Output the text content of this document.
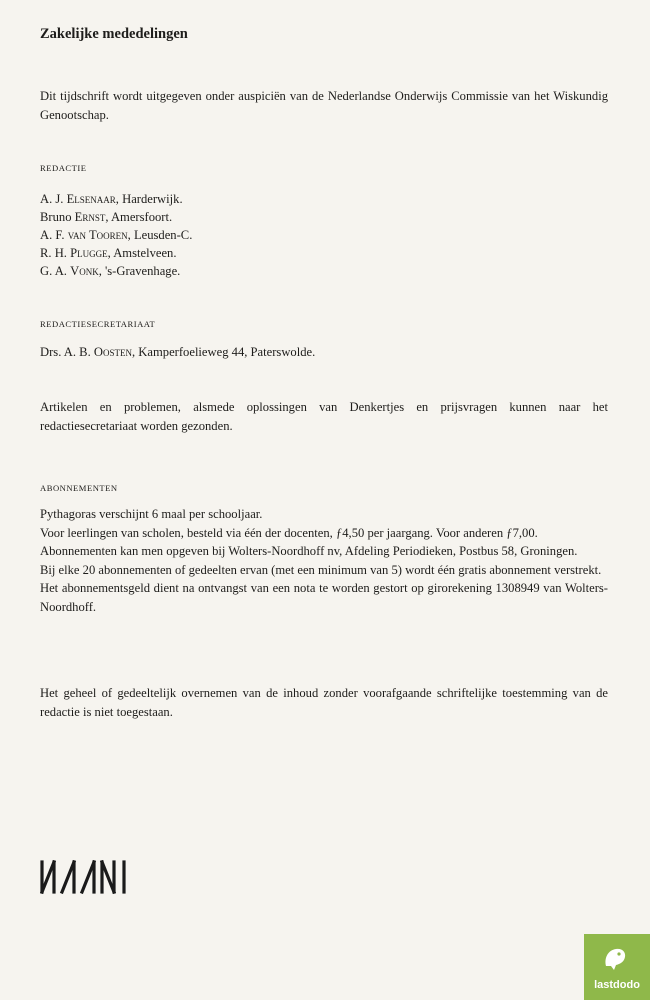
Zakelijke mededelingen

Dit tijdschrift wordt uitgegeven onder auspiciën van de Nederlandse Onderwijs Commissie van het Wiskundig Genootschap.

REDACTIE
A. J. Elsenaar, Harderwijk.
Bruno Ernst, Amersfoort.
A. F. van Tooren, Leusden-C.
R. H. Plugge, Amstelveen.
G. A. Vonk, 's-Gravenhage.
REDACTIESECRETARIAAT

Drs. A. B. Oosten, Kamperfoelieweg 44, Paterswolde.

Artikelen en problemen, alsmede oplossingen van Denkertjes en prijsvragen kunnen naar het redactiesecretariaat worden gezonden.

ABONNEMENTEN

Pythagoras verschijnt 6 maal per schooljaar.
Voor leerlingen van scholen, besteld via één der docenten, ƒ4,50 per jaargang. Voor anderen ƒ7,00.
Abonnementen kan men opgeven bij Wolters-Noordhoff nv, Afdeling Periodieken, Postbus 58, Groningen.
Bij elke 20 abonnementen of gedeelten ervan (met een minimum van 5) wordt één gratis abonnement verstrekt.
Het abonnementsgeld dient na ontvangst van een nota te worden gestort op girorekening 1308949 van Wolters-Noordhoff.

Het geheel of gedeeltelijk overnemen van de inhoud zonder voorafgaande schriftelijke toestemming van de redactie is niet toegestaan.

lastdodo
